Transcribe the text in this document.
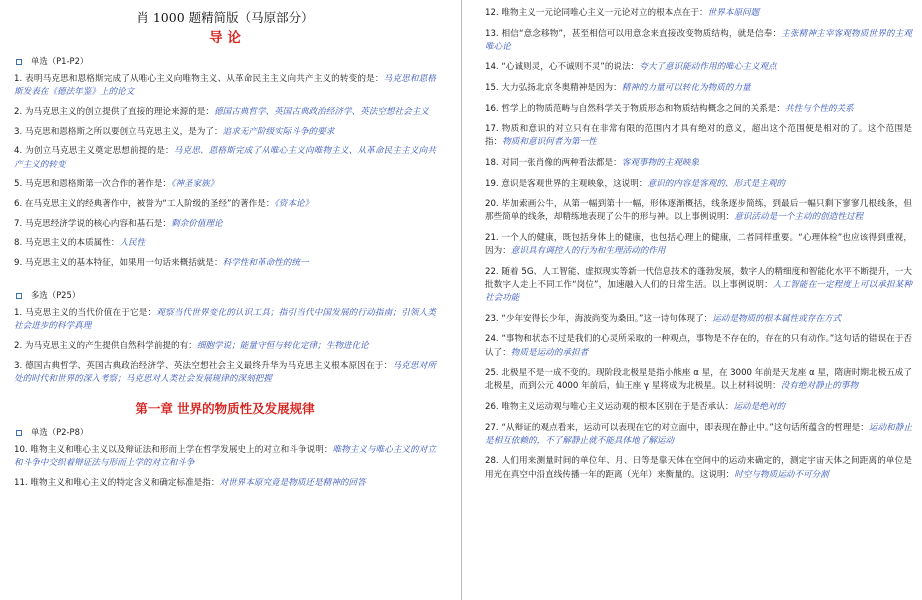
肖 1000 题精简版（马原部分）
导 论
单选（P1-P2）
1. 表明马克思和恩格斯完成了从唯心主义向唯物主义、从革命民主主义向共产主义的转变的是：马克思和恩格斯发表在《德法年鉴》上的论文
2. 为马克思主义的创立提供了直接的理论来源的是：德国古典哲学、英国古典政治经济学、英法空想社会主义
3. 马克思和恩格斯之所以要创立马克思主义，是为了：追求无产阶级实际斗争的要求
4. 为创立马克思主义奠定思想前提的是：马克思、恩格斯完成了从唯心主义向唯物主义、从革命民主主义向共产主义的转变
5. 马克思和恩格斯第一次合作的著作是：《神圣家族》
6. 在马克思主义的经典著作中，被誉为“工人阶级的圣经”的著作是：《资本论》
7. 马克思经济学说的核心内容和基石是：剩余价值理论
8. 马克思主义的本质属性：人民性
9. 马克思主义的基本特征，如果用一句话来概括就是：科学性和革命性的统一
多选（P25）
1. 马克思主义的当代价值在于它是：观察当代世界变化的认识工具；指引当代中国发展的行动指南；引领人类社会进步的科学真理
2. 为马克思主义的产生提供自然科学前提的有：细胞学说；能量守恒与转化定律；生物进化论
3. 德国古典哲学、英国古典政治经济学、英法空想社会主义最终升华为马克思主义根本原因在于：马克思对所处的时代和世界的深入考察；马克思对人类社会发展规律的深刻把握
第一章 世界的物质性及发展规律
单选（P2-P8）
10. 唯物主义和唯心主义以及辩证法和形而上学在哲学发展史上的对立和斗争说明：唯物主义与唯心主义的对立和斗争中交织着辩证法与形而上学的对立和斗争
11. 唯物主义和唯心主义的特定含义和确定标准是指：对世界本原究竟是物质还是精神的回答
12. 唯物主义一元论同唯心主义一元论对立的根本点在于：世界本原问题
13. 相信“意念移物”，甚至相信可以用意念来直接改变物质结构，就是信奉：主张精神主宰客观物质世界的主观唯心论
14. “心诚则灵，心不诚则不灵”的说法：夸大了意识能动作用的唯心主义观点
15. 大力弘扬北京冬奥精神是因为：精神的力量可以转化为物质的力量
16. 哲学上的物质范畴与自然科学关于物质形态和物质结构概念之间的关系是：共性与个性的关系
17. 物质和意识的对立只有在非常有限的范围内才具有绝对的意义，超出这个范围便是相对的了。这个范围是指：物质和意识何者为第一性
18. 对同一张肖像的两种看法都是：客观事物的主观映象
19. 意识是客观世界的主观映象，这说明：意识的内容是客观的、形式是主观的
20. 毕加索画公牛，从第一幅到第十一幅，形体逐渐概括，线条逐步简练，到最后一幅只剩下寥寥几根线条，但那些简单的线条，却精练地表现了公牛的形与神。以上事例说明：意识活动是一个主动的创造性过程
21. 一个人的健康，既包括身体上的健康，也包括心理上的健康，二者同样重要。“心理体检”也应该得到重视，因为：意识具有调控人的行为和生理活动的作用
22. 随着 5G、人工智能、虚拟现实等新一代信息技术的蓬勃发展，数字人的精细度和智能化水平不断提升，一大批数字人走上不同工作“岗位”，加速融入人们的日常生活。以上事例说明：人工智能在一定程度上可以承担某种社会功能
23. “少年安得长少年，海波尚变为桑田。”这一诗句体现了：运动是物质的根本属性或存在方式
24. “事物和状态不过是我们的心灵所采取的一种观点，事物是不存在的，存在的只有动作。”这句话的错误在于否认了：物质是运动的承担者
25. 北极星不是一成不变的。现阶段北极星是指小熊座 α 星，在 3000 年前是天龙座 α 星，隋唐时期北极五成了北极星，而到公元 4000 年前后，仙王座 γ 星将成为北极星。以上材料说明：没有绝对静止的事物
26. 唯物主义运动观与唯心主义运动观的根本区别在于是否承认：运动是绝对的
27. “从辩证的观点看来，运动可以表现在它的对立面中，即表现在静止中。”这句话所蕴含的哲理是：运动和静止是相互依赖的，不了解静止就不能具体地了解运动
28. 人们用来测量时间的单位年、月、日等是靠天体在空间中的运动来确定的，测定宇宙天体之间距离的单位是用光在真空中沿直线传播一年的距离（光年）来衡量的。这说明：时空与物质运动不可分割
